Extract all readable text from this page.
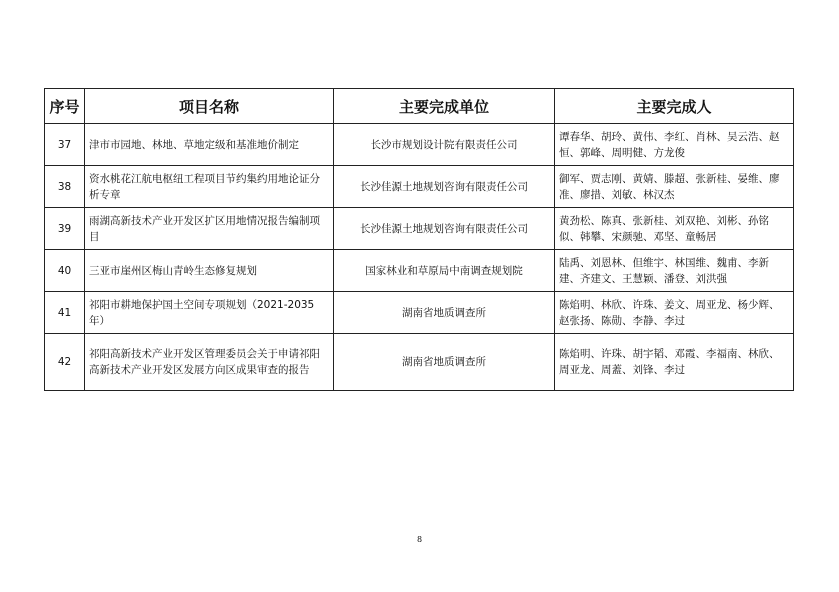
序号	项目名称	主要完成单位	主要完成人
37	津市市园地、林地、草地定级和基准地价制定	长沙市规划设计院有限责任公司	谭春华、胡玲、黄伟、李红、肖林、吴云浩、赵恒、郭峰、周明健、方龙俊
38	资水桃花江航电枢纽工程项目节约集约用地论证分析专章	长沙佳源土地规划咨询有限责任公司	御军、贾志刚、黄婧、滕超、张新桂、晏维、廖准、廖措、刘敏、林汉杰
39	雨湖高新技术产业开发区扩区用地情况报告编制项目	长沙佳源土地规划咨询有限责任公司	黄劲松、陈真、张新桂、刘双艳、刘彬、孙铭似、韩攀、宋颜驰、邓坚、童畅居
40	三亚市崖州区梅山青岭生态修复规划	国家林业和草原局中南调查规划院	陆禹、刘恩林、但维宇、林国维、魏甫、李新建、齐建文、王慧颖、潘登、刘洪强
41	祁阳市耕地保护国土空间专项规划（2021-2035年）	湖南省地质调查所	陈焰明、林欣、许珠、姜文、周亚龙、杨少辉、赵张扬、陈勋、李静、李过
42	祁阳高新技术产业开发区管理委员会关于申请祁阳高新技术产业开发区发展方向区成果审查的报告	湖南省地质调查所	陈焰明、许珠、胡宇韬、邓霞、李福南、林欣、周亚龙、周蓋、刘锋、李过
8
